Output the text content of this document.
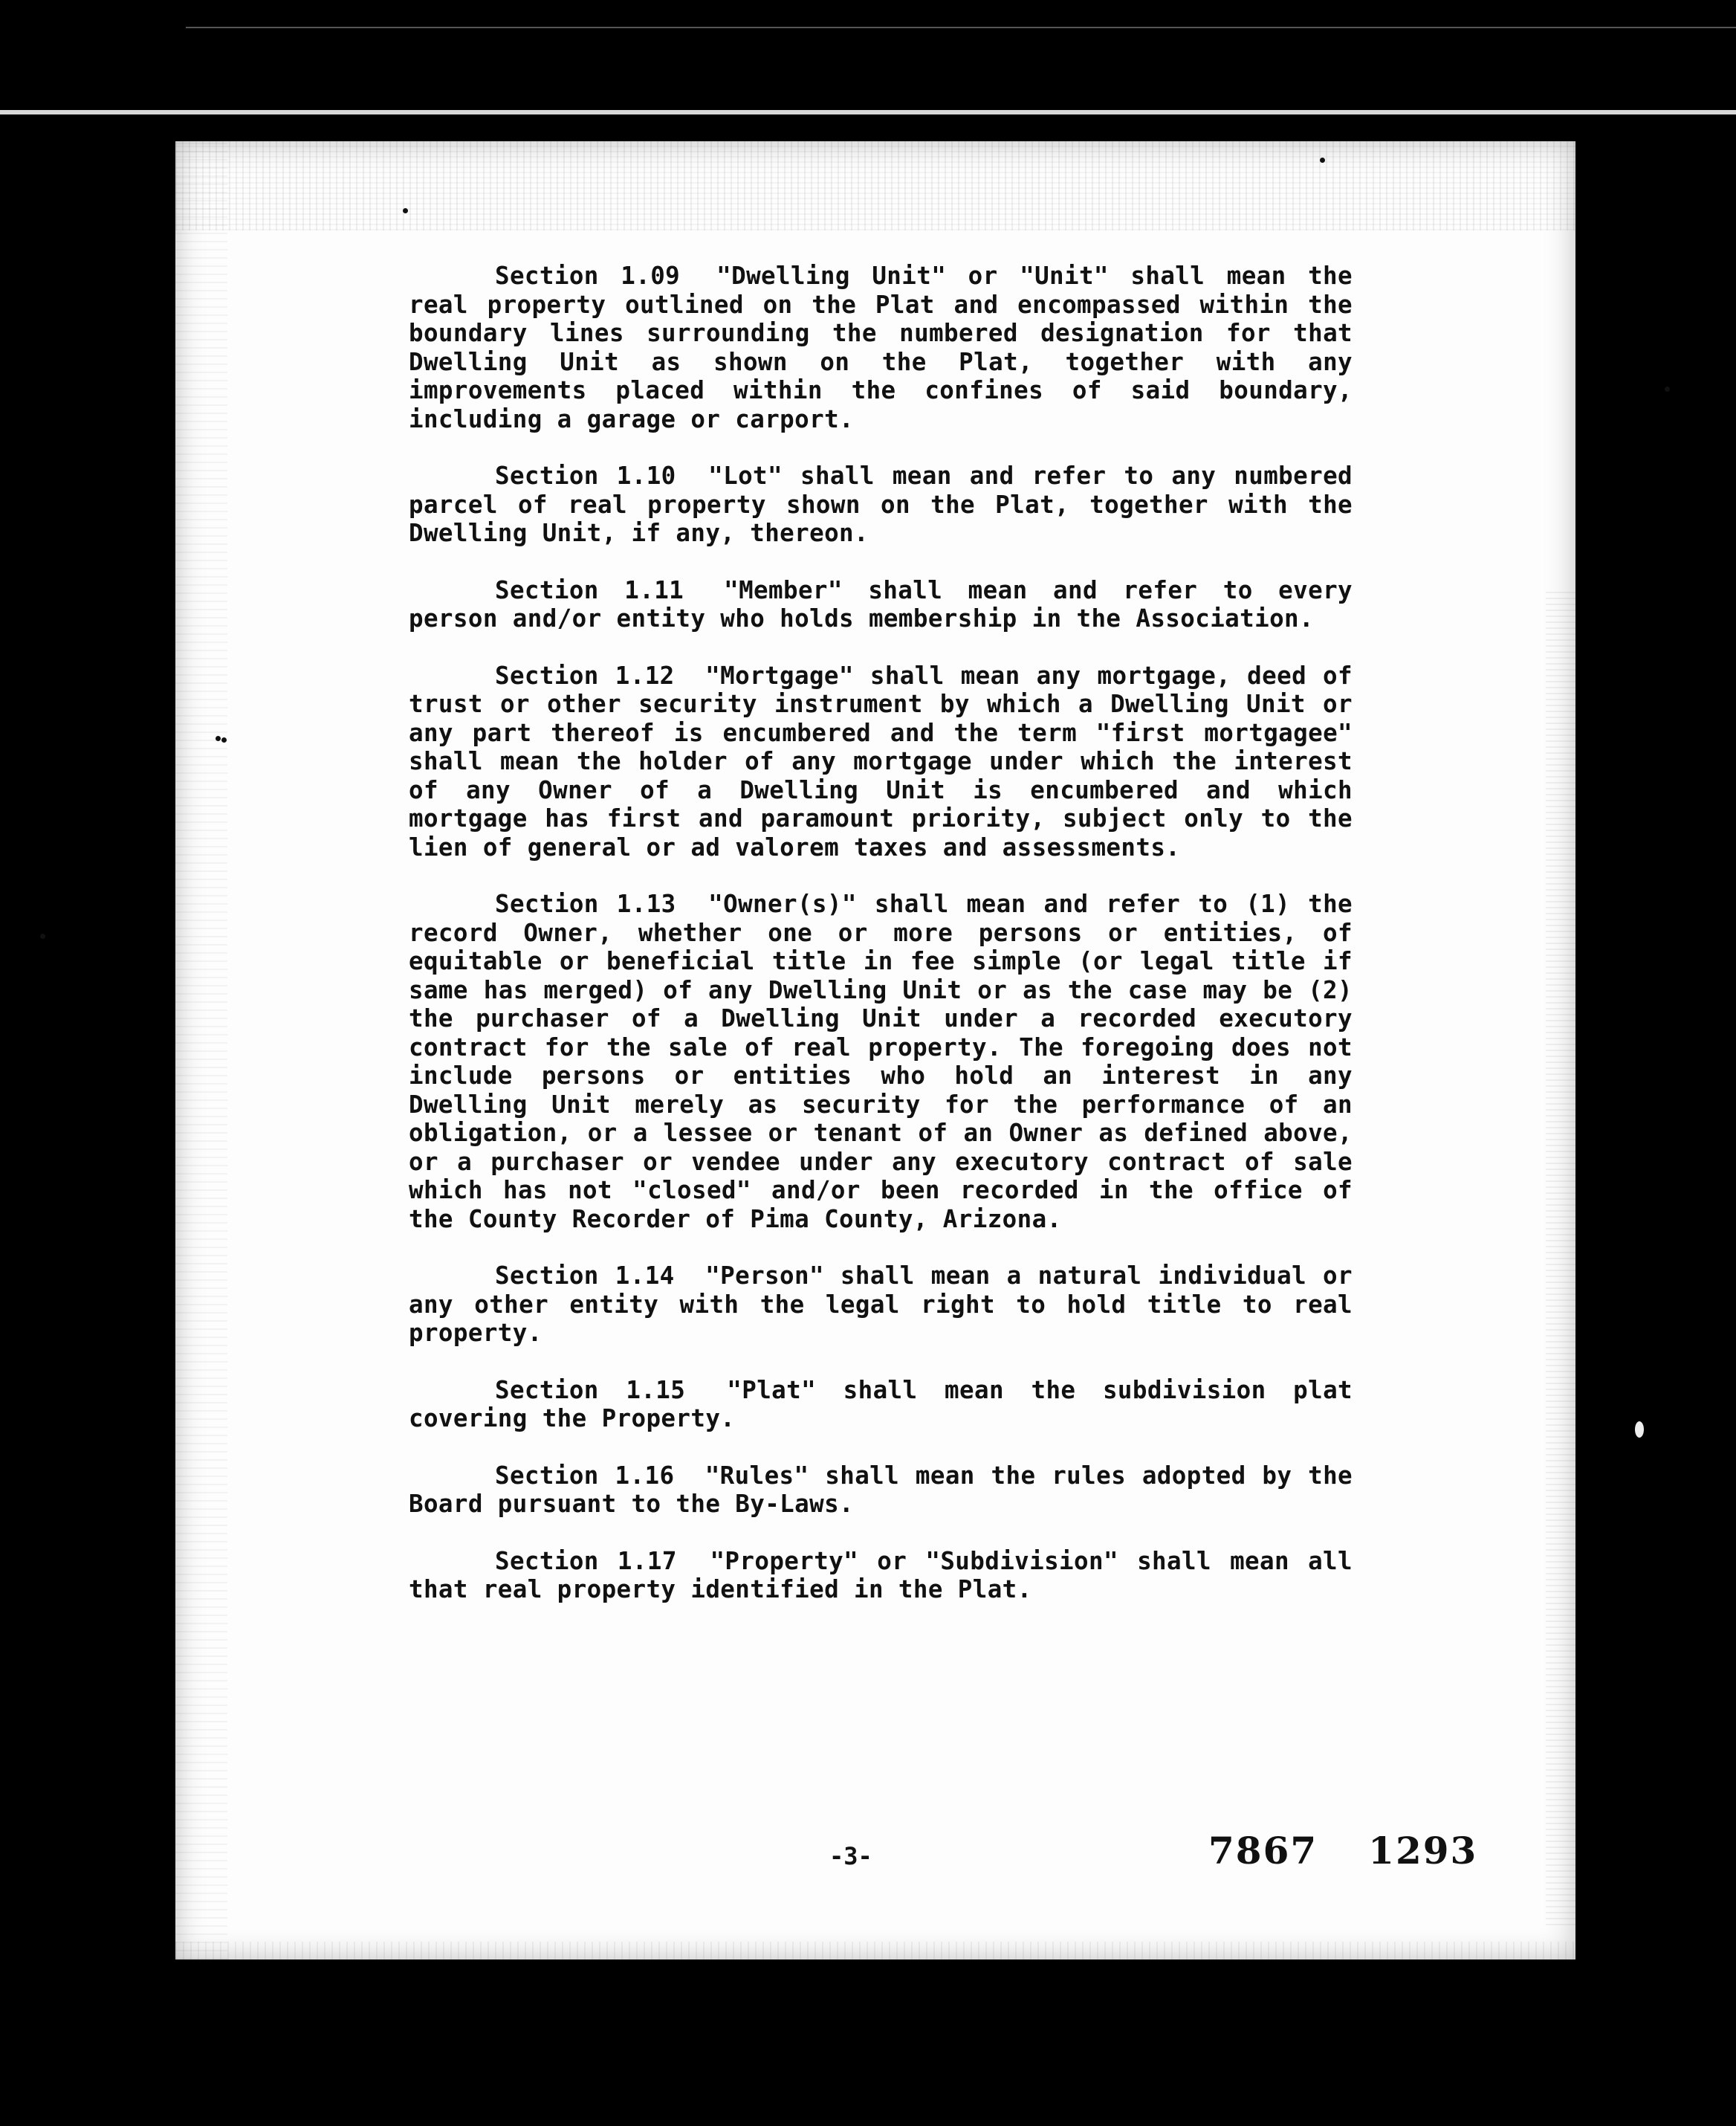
Section 1.09 "Dwelling Unit" or "Unit" shall mean the real property outlined on the Plat and encompassed within the boundary lines surrounding the numbered designation for that Dwelling Unit as shown on the Plat, together with any improvements placed within the confines of said boundary, including a garage or carport.

Section 1.10 "Lot" shall mean and refer to any numbered parcel of real property shown on the Plat, together with the Dwelling Unit, if any, thereon.

Section 1.11 "Member" shall mean and refer to every person and/or entity who holds membership in the Association.

Section 1.12 "Mortgage" shall mean any mortgage, deed of trust or other security instrument by which a Dwelling Unit or any part thereof is encumbered and the term "first mortgagee" shall mean the holder of any mortgage under which the interest of any Owner of a Dwelling Unit is encumbered and which mortgage has first and paramount priority, subject only to the lien of general or ad valorem taxes and assessments.

Section 1.13 "Owner(s)" shall mean and refer to (1) the record Owner, whether one or more persons or entities, of equitable or beneficial title in fee simple (or legal title if same has merged) of any Dwelling Unit or as the case may be (2) the purchaser of a Dwelling Unit under a recorded executory contract for the sale of real property. The foregoing does not include persons or entities who hold an interest in any Dwelling Unit merely as security for the performance of an obligation, or a lessee or tenant of an Owner as defined above, or a purchaser or vendee under any executory contract of sale which has not "closed" and/or been recorded in the office of the County Recorder of Pima County, Arizona.

Section 1.14 "Person" shall mean a natural individual or any other entity with the legal right to hold title to real property.

Section 1.15 "Plat" shall mean the subdivision plat covering the Property.

Section 1.16 "Rules" shall mean the rules adopted by the Board pursuant to the By-Laws.

Section 1.17 "Property" or "Subdivision" shall mean all that real property identified in the Plat.

-3-	7867 1293
